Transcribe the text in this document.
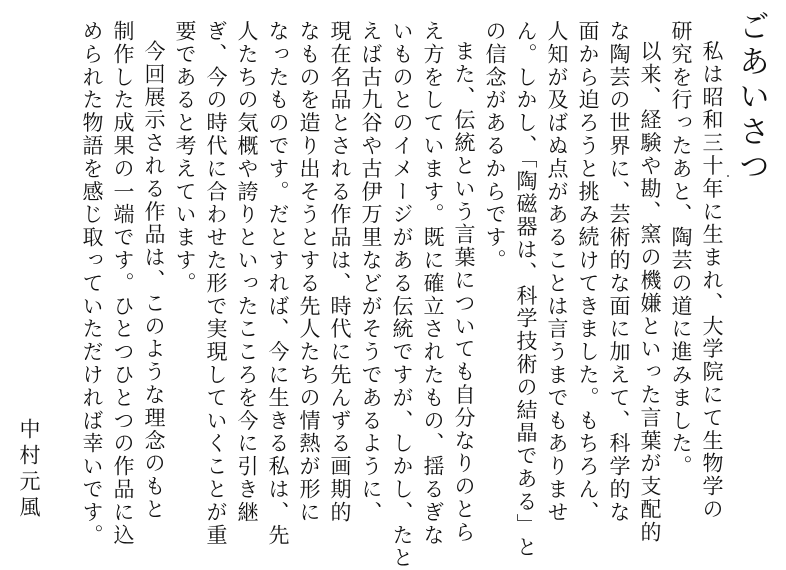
ごあいさつ
私は昭和三十年に生まれ、大学院にて生物学の
研究を行ったあと、陶芸の道に進みました。
以来、経験や勘、窯の機嫌といった言葉が支配的
な陶芸の世界に、芸術的な面に加えて、科学的な
面から迫ろうと挑み続けてきました。もちろん、
人知が及ばぬ点があることは言うまでもありませ
ん。しかし、「陶磁器は、科学技術の結晶である」と
の信念があるからです。
また、伝統という言葉についても自分なりのとら
え方をしています。既に確立されたもの、揺るぎな
いものとのイメージがある伝統ですが、しかし、たと
えば古九谷や古伊万里などがそうであるように、
現在名品とされる作品は、時代に先んずる画期的
なものを造り出そうとする先人たちの情熱が形に
なったものです。だとすれば、今に生きる私は、先
人たちの気概や誇りといったこころを今に引き継
ぎ、今の時代に合わせた形で実現していくことが重
要であると考えています。
今回展示される作品は、このような理念のもと
制作した成果の一端です。ひとつひとつの作品に込
められた物語を感じ取っていただければ幸いです。
中村元風
